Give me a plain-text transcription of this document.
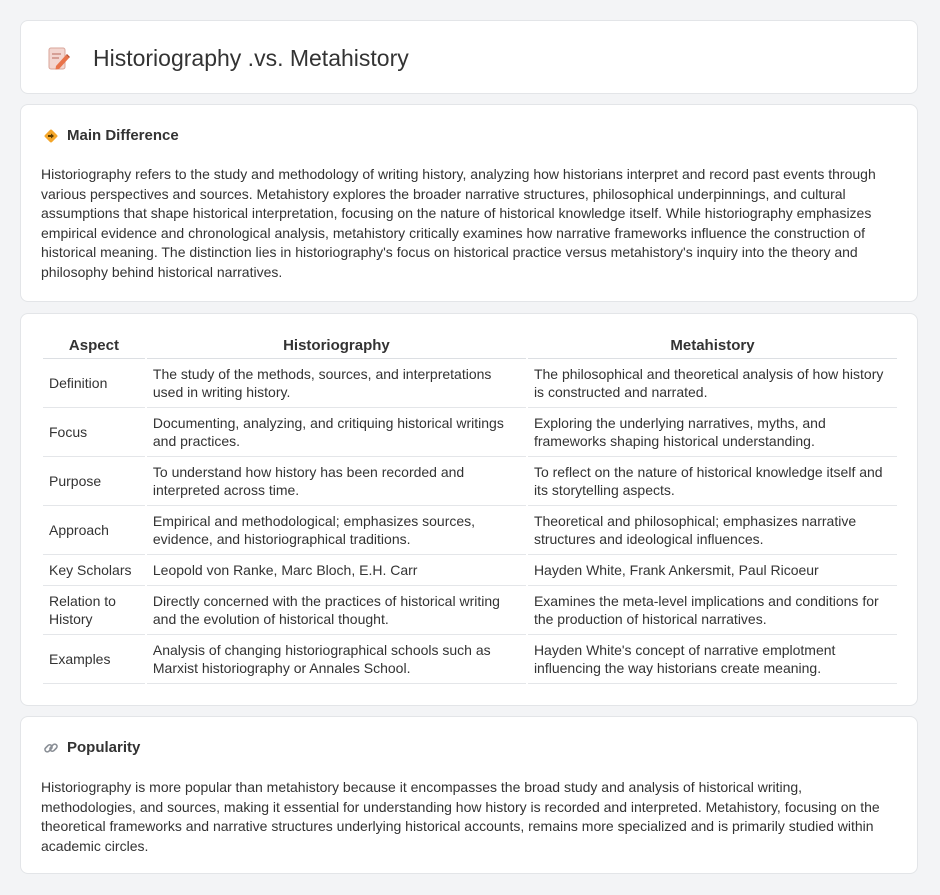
Historiography .vs. Metahistory
Main Difference

Historiography refers to the study and methodology of writing history, analyzing how historians interpret and record past events through various perspectives and sources. Metahistory explores the broader narrative structures, philosophical underpinnings, and cultural assumptions that shape historical interpretation, focusing on the nature of historical knowledge itself. While historiography emphasizes empirical evidence and chronological analysis, metahistory critically examines how narrative frameworks influence the construction of historical meaning. The distinction lies in historiography's focus on historical practice versus metahistory's inquiry into the theory and philosophy behind historical narratives.

Aspect	Historiography	Metahistory
Definition	The study of the methods, sources, and interpretations used in writing history.	The philosophical and theoretical analysis of how history is constructed and narrated.
Focus	Documenting, analyzing, and critiquing historical writings and practices.	Exploring the underlying narratives, myths, and frameworks shaping historical understanding.
Purpose	To understand how history has been recorded and interpreted across time.	To reflect on the nature of historical knowledge itself and its storytelling aspects.
Approach	Empirical and methodological; emphasizes sources, evidence, and historiographical traditions.	Theoretical and philosophical; emphasizes narrative structures and ideological influences.
Key Scholars	Leopold von Ranke, Marc Bloch, E.H. Carr	Hayden White, Frank Ankersmit, Paul Ricoeur
Relation to History	Directly concerned with the practices of historical writing and the evolution of historical thought.	Examines the meta-level implications and conditions for the production of historical narratives.
Examples	Analysis of changing historiographical schools such as Marxist historiography or Annales School.	Hayden White's concept of narrative emplotment influencing the way historians create meaning.
Popularity

Historiography is more popular than metahistory because it encompasses the broad study and analysis of historical writing, methodologies, and sources, making it essential for understanding how history is recorded and interpreted. Metahistory, focusing on the theoretical frameworks and narrative structures underlying historical accounts, remains more specialized and is primarily studied within academic circles.
